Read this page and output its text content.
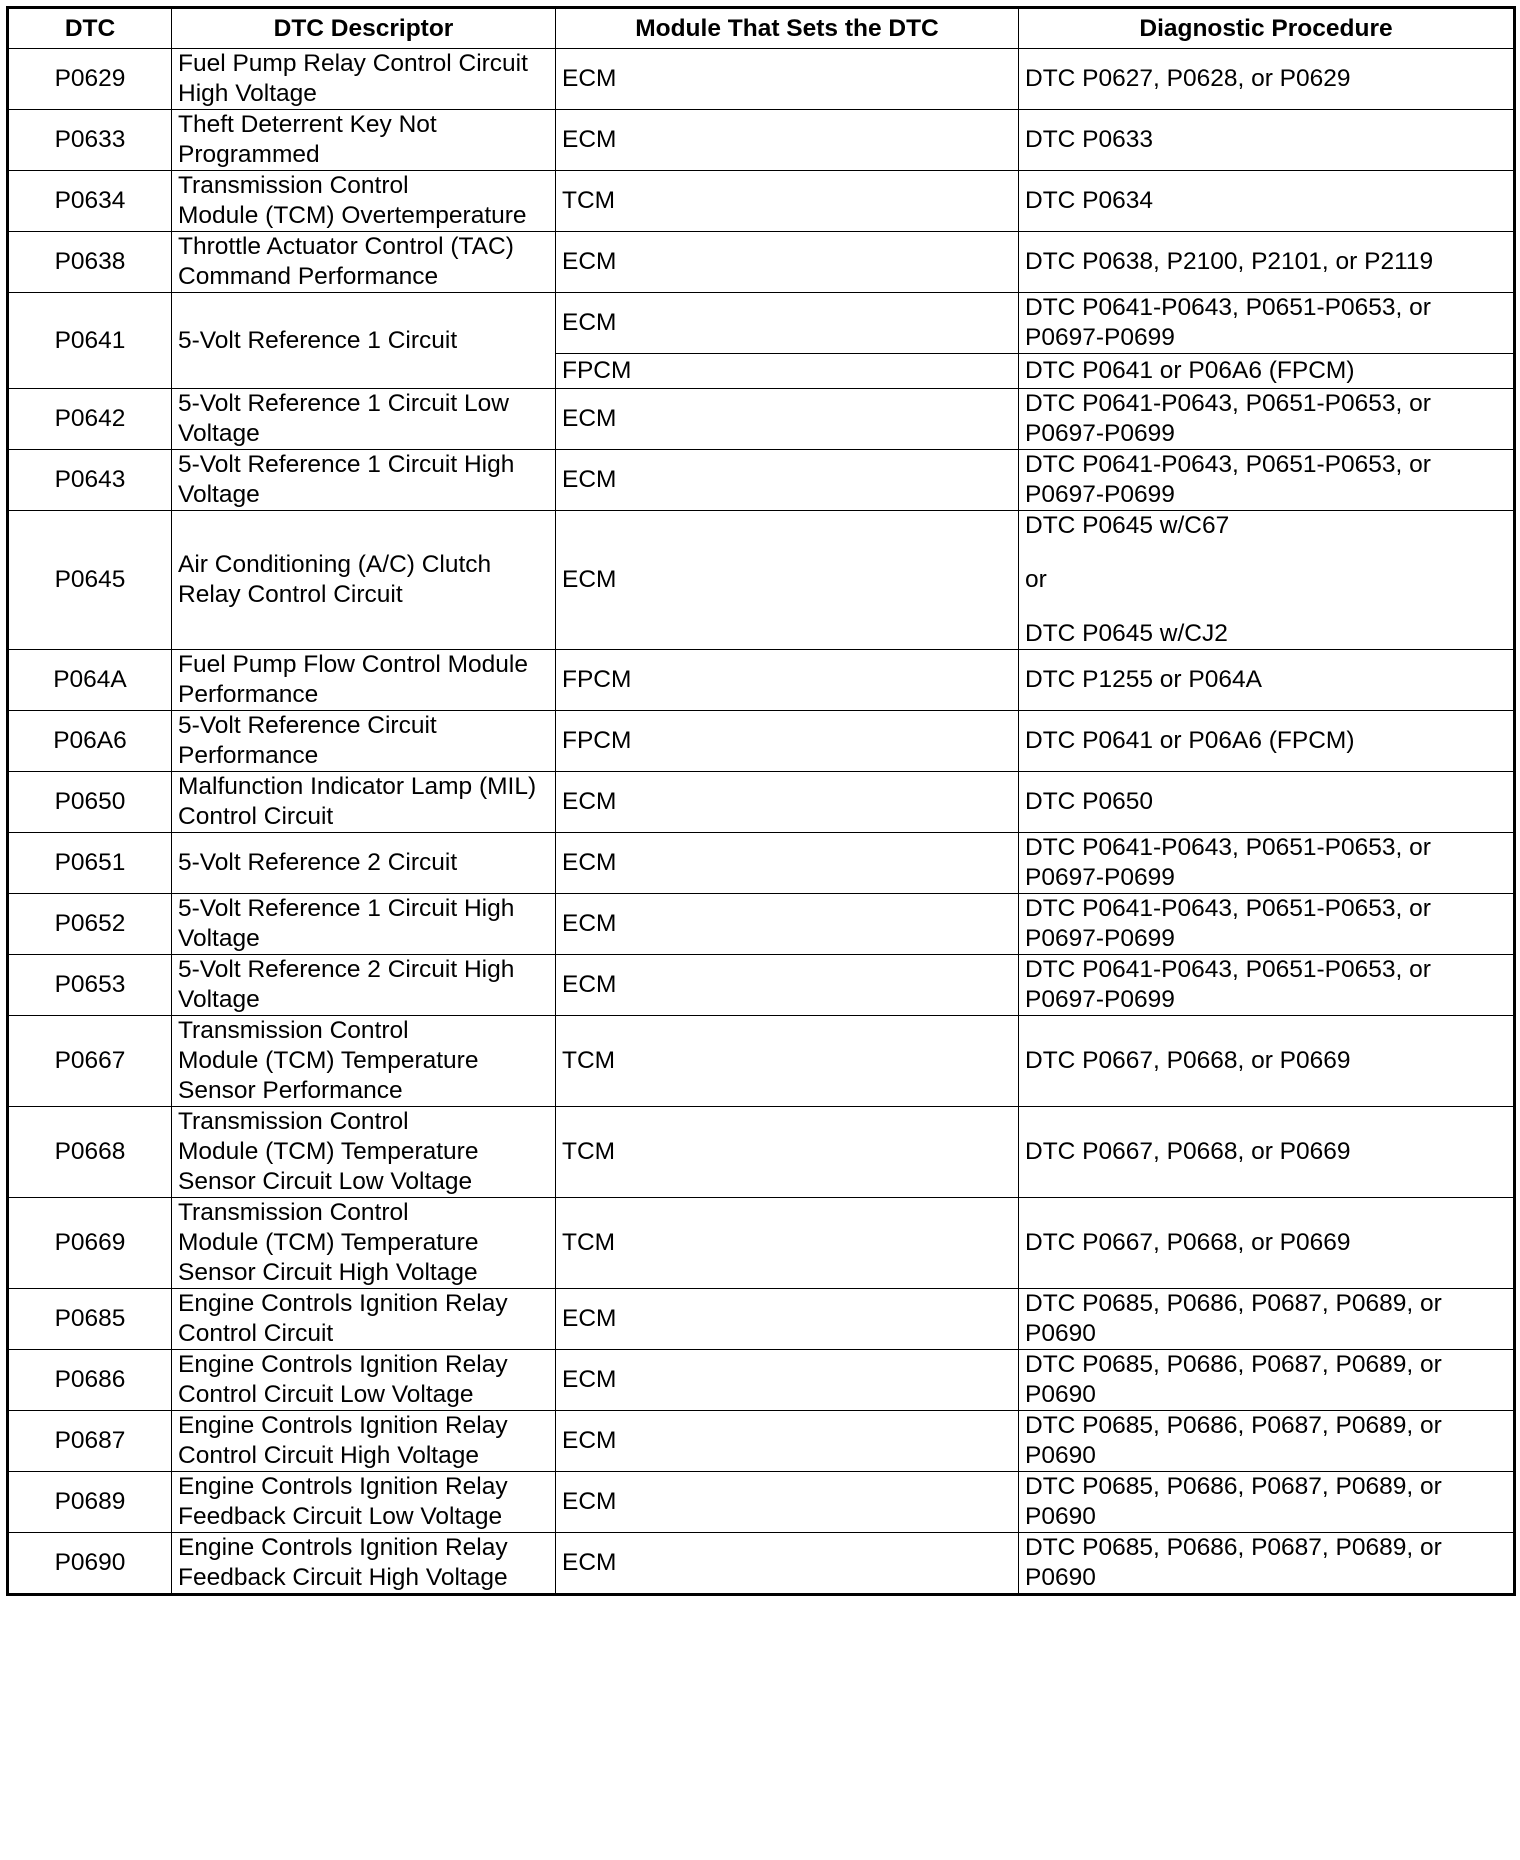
DTC	DTC Descriptor	Module That Sets the DTC	Diagnostic Procedure
P0629	Fuel Pump Relay Control Circuit
High Voltage	ECM	DTC P0627, P0628, or P0629

P0633	Theft Deterrent Key Not
Programmed	ECM	DTC P0633

P0634	Transmission Control
Module (TCM) Overtemperature	TCM	DTC P0634

P0638	Throttle Actuator Control (TAC)
Command Performance	ECM	DTC P0638, P2100, P2101, or P2119

P0641	5-Volt Reference 1 Circuit	ECM	DTC P0641-P0643, P0651-P0653, or
P0697-P0699

		FPCM	DTC P0641 or P06A6 (FPCM)

P0642	5-Volt Reference 1 Circuit Low
Voltage	ECM	DTC P0641-P0643, P0651-P0653, or
P0697-P0699

P0643	5-Volt Reference 1 Circuit High
Voltage	ECM	DTC P0641-P0643, P0651-P0653, or
P0697-P0699

P0645	Air Conditioning (A/C) Clutch
Relay Control Circuit	ECM	DTC P0645 w/C67
or
DTC P0645 w/CJ2

P064A	Fuel Pump Flow Control Module
Performance	FPCM	DTC P1255 or P064A

P06A6	5-Volt Reference Circuit
Performance	FPCM	DTC P0641 or P06A6 (FPCM)

P0650	Malfunction Indicator Lamp (MIL)
Control Circuit	ECM	DTC P0650

P0651	5-Volt Reference 2 Circuit	ECM	DTC P0641-P0643, P0651-P0653, or
P0697-P0699

P0652	5-Volt Reference 1 Circuit High
Voltage	ECM	DTC P0641-P0643, P0651-P0653, or
P0697-P0699

P0653	5-Volt Reference 2 Circuit High
Voltage	ECM	DTC P0641-P0643, P0651-P0653, or
P0697-P0699

P0667	Transmission Control
Module (TCM) Temperature
Sensor Performance	TCM	DTC P0667, P0668, or P0669

P0668	Transmission Control
Module (TCM) Temperature
Sensor Circuit Low Voltage	TCM	DTC P0667, P0668, or P0669

P0669	Transmission Control
Module (TCM) Temperature
Sensor Circuit High Voltage	TCM	DTC P0667, P0668, or P0669

P0685	Engine Controls Ignition Relay
Control Circuit	ECM	DTC P0685, P0686, P0687, P0689, or
P0690

P0686	Engine Controls Ignition Relay
Control Circuit Low Voltage	ECM	DTC P0685, P0686, P0687, P0689, or
P0690

P0687	Engine Controls Ignition Relay
Control Circuit High Voltage	ECM	DTC P0685, P0686, P0687, P0689, or
P0690

P0689	Engine Controls Ignition Relay
Feedback Circuit Low Voltage	ECM	DTC P0685, P0686, P0687, P0689, or
P0690

P0690	Engine Controls Ignition Relay
Feedback Circuit High Voltage	ECM	DTC P0685, P0686, P0687, P0689, or
P0690
